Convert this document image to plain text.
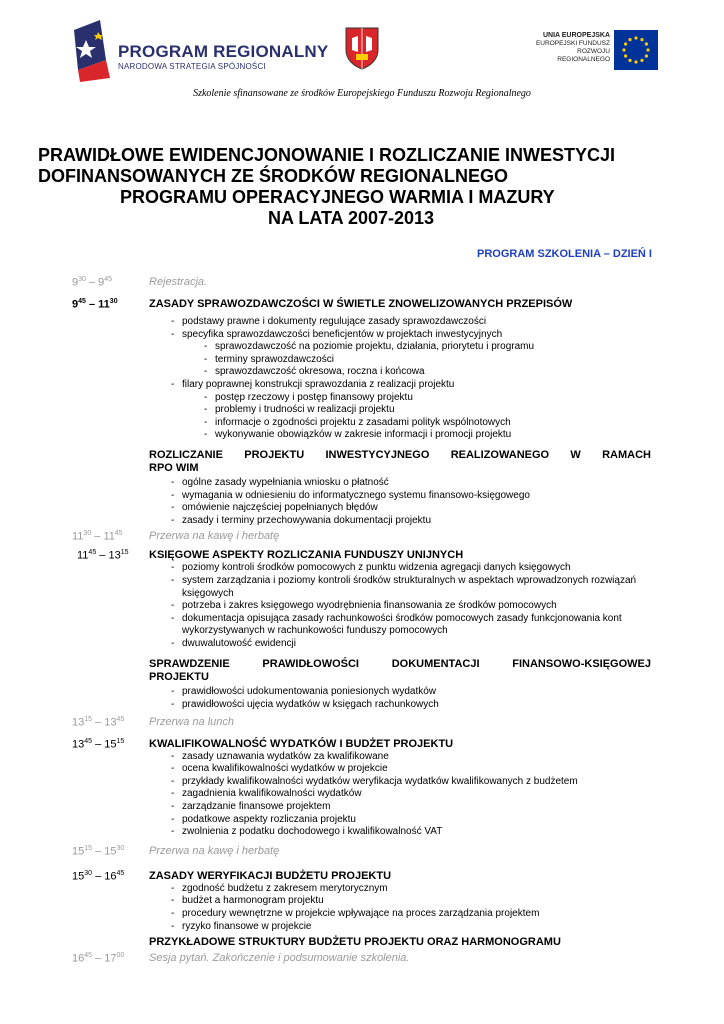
PROGRAM REGIONALNY
NARODOWA STRATEGIA SPÓJNOŚCI
UNIA EUROPEJSKA
EUROPEJSKI FUNDUSZ
ROZWOJU REGIONALNEGO
Szkolenie sfinansowane ze środków Europejskiego Funduszu Rozwoju Regionalnego
PRAWIDŁOWE EWIDENCJONOWANIE I ROZLICZANIE INWESTYCJI
DOFINANSOWANYCH ZE ŚRODKÓW REGIONALNEGO
PROGRAMU OPERACYJNEGO WARMIA I MAZURY
NA LATA 2007-2013
PROGRAM SZKOLENIA – DZIEŃ I
$9^{30} - 9^{45}$	Rejestracja.
$9^{45} - 11^{30}$	ZASADY SPRAWOZDAWCZOŚCI W ŚWIETLE ZNOWELIZOWANYCH PRZEPISÓW
- podstawy prawne i dokumenty regulujące zasady sprawozdawczości
- specyfika sprawozdawczości beneficjentów w projektach inwestycyjnych
- sprawozdawczość na poziomie projektu, działania, priorytetu i programu
- terminy sprawozdawczości
- sprawozdawczość okresowa, roczna i końcowa
- filary poprawnej konstrukcji sprawozdania z realizacji projektu
- postęp rzeczowy i postęp finansowy projektu
- problemy i trudności w realizacji projektu
- informacje o zgodności projektu z zasadami polityk wspólnotowych
- wykonywanie obowiązków w zakresie informacji i promocji projektu
ROZLICZANIE PROJEKTU INWESTYCYJNEGO REALIZOWANEGO W RAMACH
RPO WIM
- ogólne zasady wypełniania wniosku o płatność
- wymagania w odniesieniu do informatycznego systemu finansowo-księgowego
- omówienie najczęściej popełnianych błędów
- zasady i terminy przechowywania dokumentacji projektu
$11^{30} - 11^{45}$	Przerwa na kawę i herbatę
$11^{45} - 13^{15}$	KSIĘGOWE ASPEKTY ROZLICZANIA FUNDUSZY UNIJNYCH
- poziomy kontroli środków pomocowych z punktu widzenia agregacji danych księgowych
- system zarządzania i poziomy kontroli środków strukturalnych w aspektach wprowadzonych rozwiązań księgowych
- potrzeba i zakres księgowego wyodrębnienia finansowania ze środków pomocowych
- dokumentacja opisująca zasady rachunkowości środków pomocowych zasady funkcjonowania kont wykorzystywanych w rachunkowości funduszy pomocowych
- dwuwalutowość ewidencji
SPRAWDZENIE PRAWIDŁOWOŚCI DOKUMENTACJI FINANSOWO-KSIĘGOWEJ
PROJEKTU
- prawidłowości udokumentowania poniesionych wydatków
- prawidłowości ujęcia wydatków w księgach rachunkowych
$13^{15} - 13^{45}$	Przerwa na lunch
$13^{45} - 15^{15}$	KWALIFIKOWALNOŚĆ WYDATKÓW I BUDŻET PROJEKTU
- zasady uznawania wydatków za kwalifikowane
- ocena kwalifikowalności wydatków w projekcie
- przykłady kwalifikowalności wydatków weryfikacja wydatków kwalifikowanych z budżetem
- zagadnienia kwalifikowalności wydatków
- zarządzanie finansowe projektem
- podatkowe aspekty rozliczania projektu
- zwolnienia z podatku dochodowego i kwalifikowalność VAT
$15^{15} - 15^{30}$	Przerwa na kawę i herbatę
$15^{30} - 16^{45}$	ZASADY WERYFIKACJI BUDŻETU PROJEKTU
- zgodność budżetu z zakresem merytorycznym
- budżet a harmonogram projektu
- procedury wewnętrzne w projekcie wpływające na proces zarządzania projektem
- ryzyko finansowe w projekcie
PRZYKŁADOWE STRUKTURY BUDŻETU PROJEKTU ORAZ HARMONOGRAMU
$16^{45} - 17^{00}$	Sesja pytań. Zakończenie i podsumowanie szkolenia.
